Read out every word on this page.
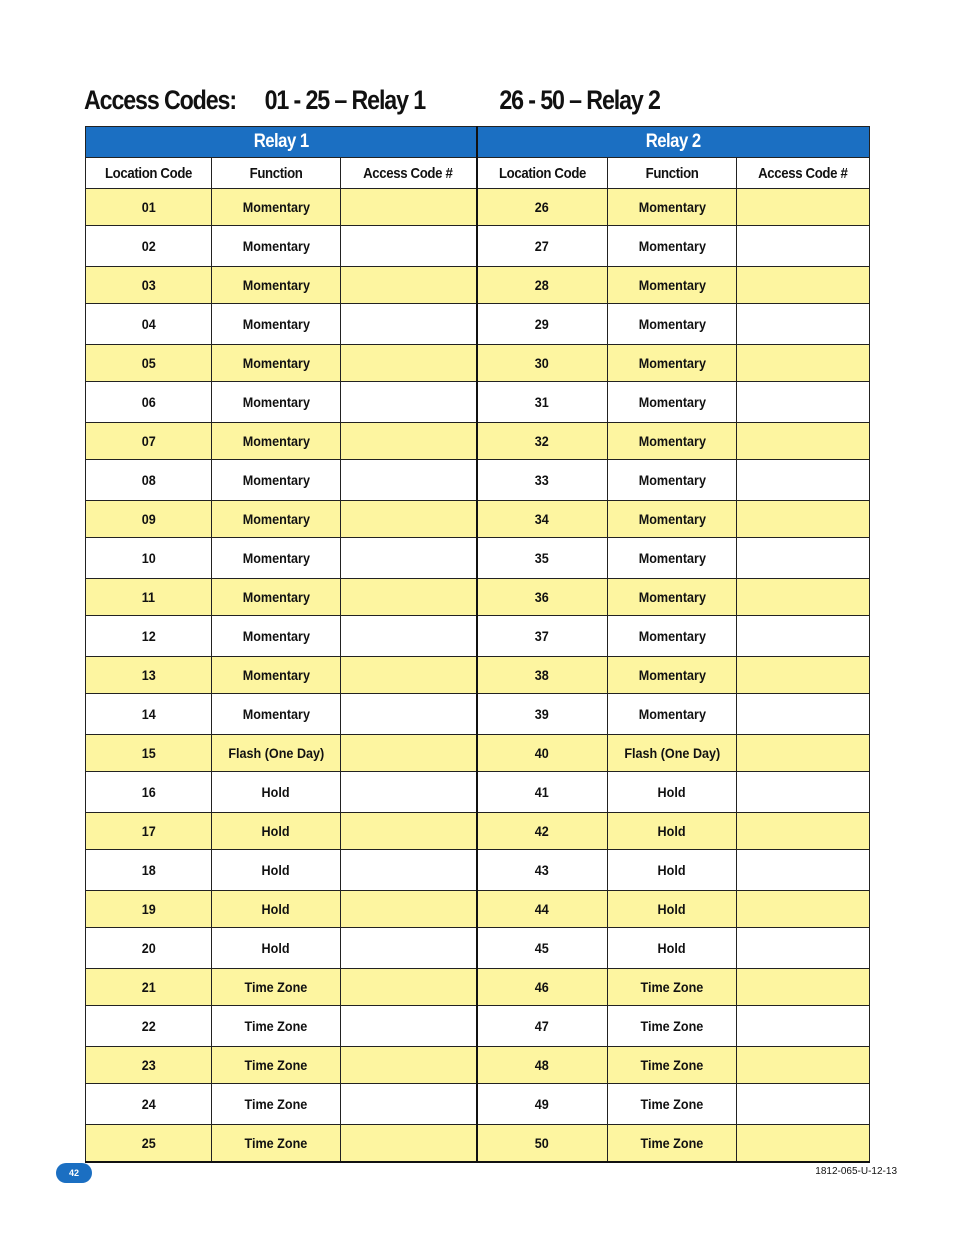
Access Codes: 01 - 25 – Relay 1	26 - 50 – Relay 2
Relay 1			Relay 2		
Location Code	Function	Access Code #	Location Code	Function	Access Code #
01	Momentary		26	Momentary	
02	Momentary		27	Momentary	
03	Momentary		28	Momentary	
04	Momentary		29	Momentary	
05	Momentary		30	Momentary	
06	Momentary		31	Momentary	
07	Momentary		32	Momentary	
08	Momentary		33	Momentary	
09	Momentary		34	Momentary	
10	Momentary		35	Momentary	
11	Momentary		36	Momentary	
12	Momentary		37	Momentary	
13	Momentary		38	Momentary	
14	Momentary		39	Momentary	
15	Flash (One Day)		40	Flash (One Day)	
16	Hold		41	Hold	
17	Hold		42	Hold	
18	Hold		43	Hold	
19	Hold		44	Hold	
20	Hold		45	Hold	
21	Time Zone		46	Time Zone	
22	Time Zone		47	Time Zone	
23	Time Zone		48	Time Zone	
24	Time Zone		49	Time Zone	
25	Time Zone		50	Time Zone	
42	1812-065-U-12-13
